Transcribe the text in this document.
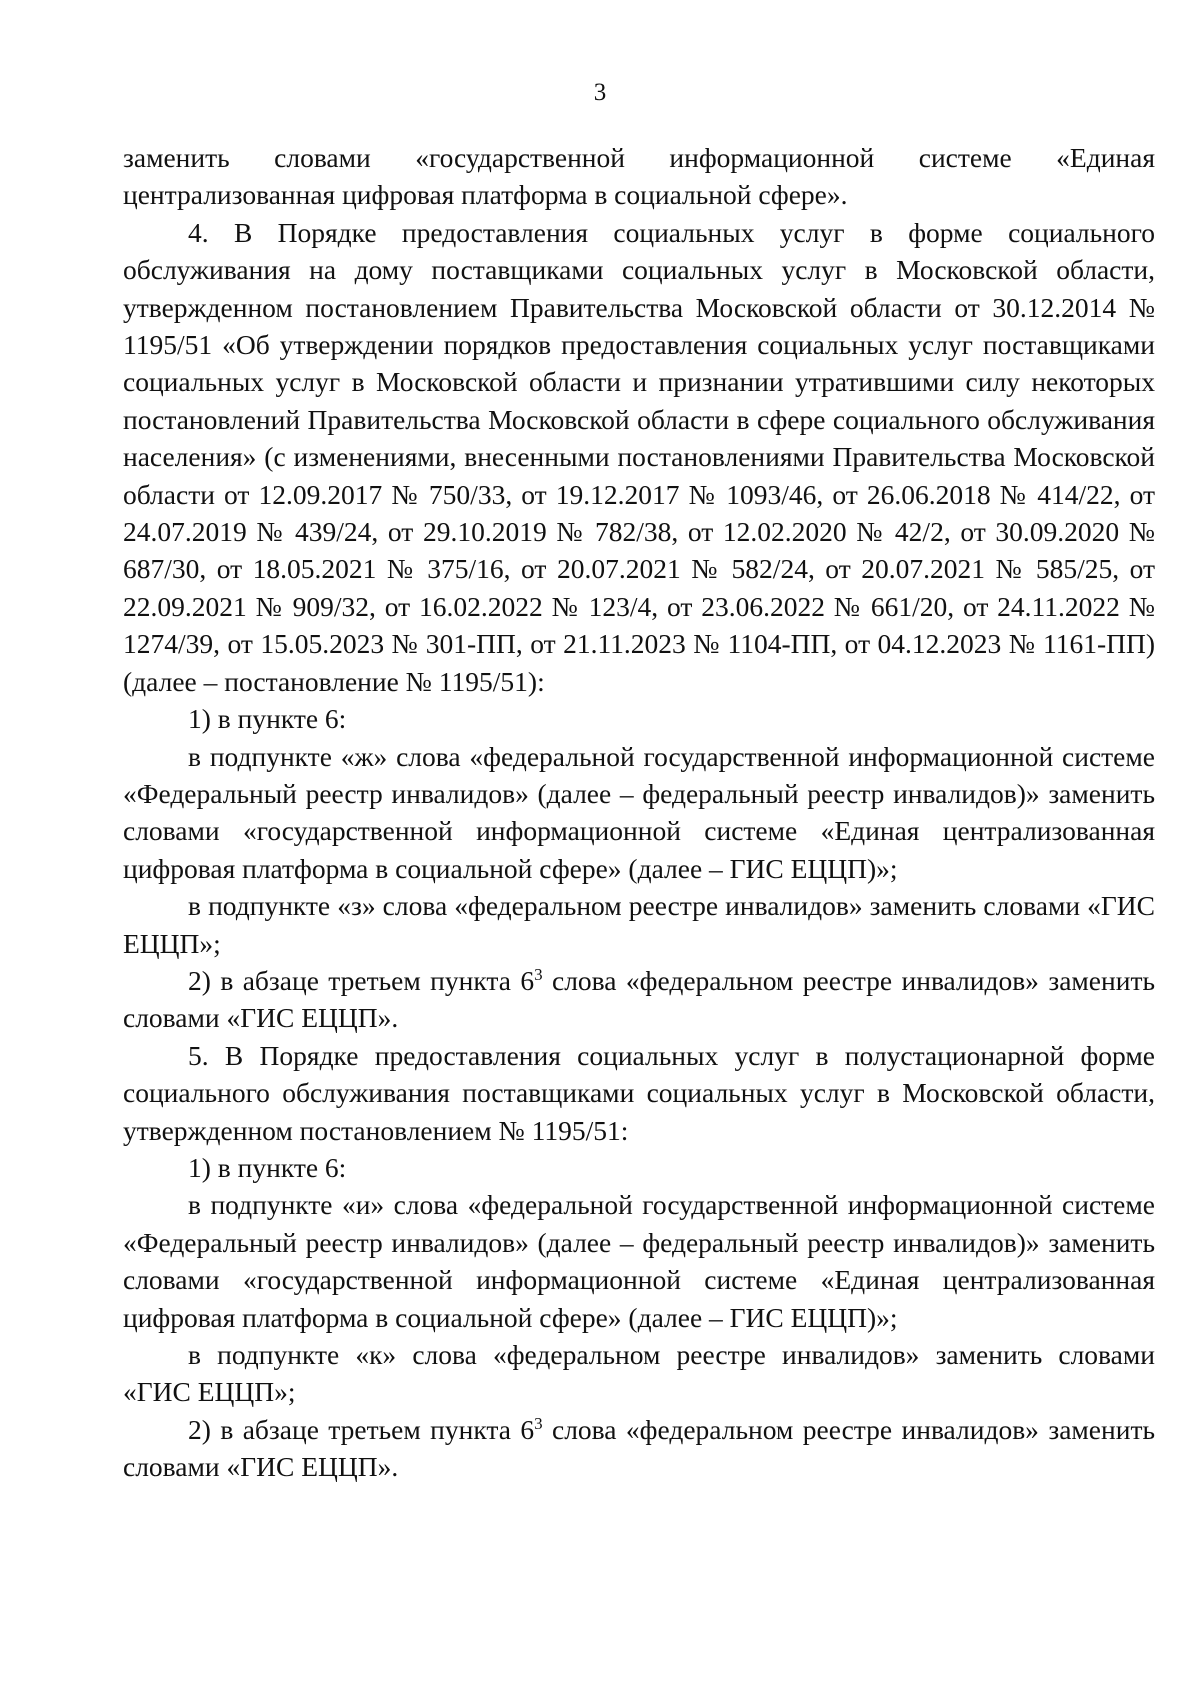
3

заменить словами «государственной информационной системе «Единая централизованная цифровая платформа в социальной сфере».

4. В Порядке предоставления социальных услуг в форме социального обслуживания на дому поставщиками социальных услуг в Московской области, утвержденном постановлением Правительства Московской области от 30.12.2014 № 1195/51 «Об утверждении порядков предоставления социальных услуг поставщиками социальных услуг в Московской области и признании утратившими силу некоторых постановлений Правительства Московской области в сфере социального обслуживания населения» (с изменениями, внесенными постановлениями Правительства Московской области от 12.09.2017 № 750/33, от 19.12.2017 № 1093/46, от 26.06.2018 № 414/22, от 24.07.2019 № 439/24, от 29.10.2019 № 782/38, от 12.02.2020 № 42/2, от 30.09.2020 № 687/30, от 18.05.2021 № 375/16, от 20.07.2021 № 582/24, от 20.07.2021 № 585/25, от 22.09.2021 № 909/32, от 16.02.2022 № 123/4, от 23.06.2022 № 661/20, от 24.11.2022 № 1274/39, от 15.05.2023 № 301-ПП, от 21.11.2023 № 1104-ПП, от 04.12.2023 № 1161-ПП) (далее – постановление № 1195/51):

1) в пункте 6:

в подпункте «ж» слова «федеральной государственной информационной системе «Федеральный реестр инвалидов» (далее – федеральный реестр инвалидов)» заменить словами «государственной информационной системе «Единая централизованная цифровая платформа в социальной сфере» (далее – ГИС ЕЦЦП)»;

в подпункте «з» слова «федеральном реестре инвалидов» заменить словами «ГИС ЕЦЦП»;

2) в абзаце третьем пункта $6^3$ слова «федеральном реестре инвалидов» заменить словами «ГИС ЕЦЦП».

5. В Порядке предоставления социальных услуг в полустационарной форме социального обслуживания поставщиками социальных услуг в Московской области, утвержденном постановлением № 1195/51:

1) в пункте 6:

в подпункте «и» слова «федеральной государственной информационной системе «Федеральный реестр инвалидов» (далее – федеральный реестр инвалидов)» заменить словами «государственной информационной системе «Единая централизованная цифровая платформа в социальной сфере» (далее – ГИС ЕЦЦП)»;

в подпункте «к» слова «федеральном реестре инвалидов» заменить словами «ГИС ЕЦЦП»;

2) в абзаце третьем пункта $6^3$ слова «федеральном реестре инвалидов» заменить словами «ГИС ЕЦЦП».
